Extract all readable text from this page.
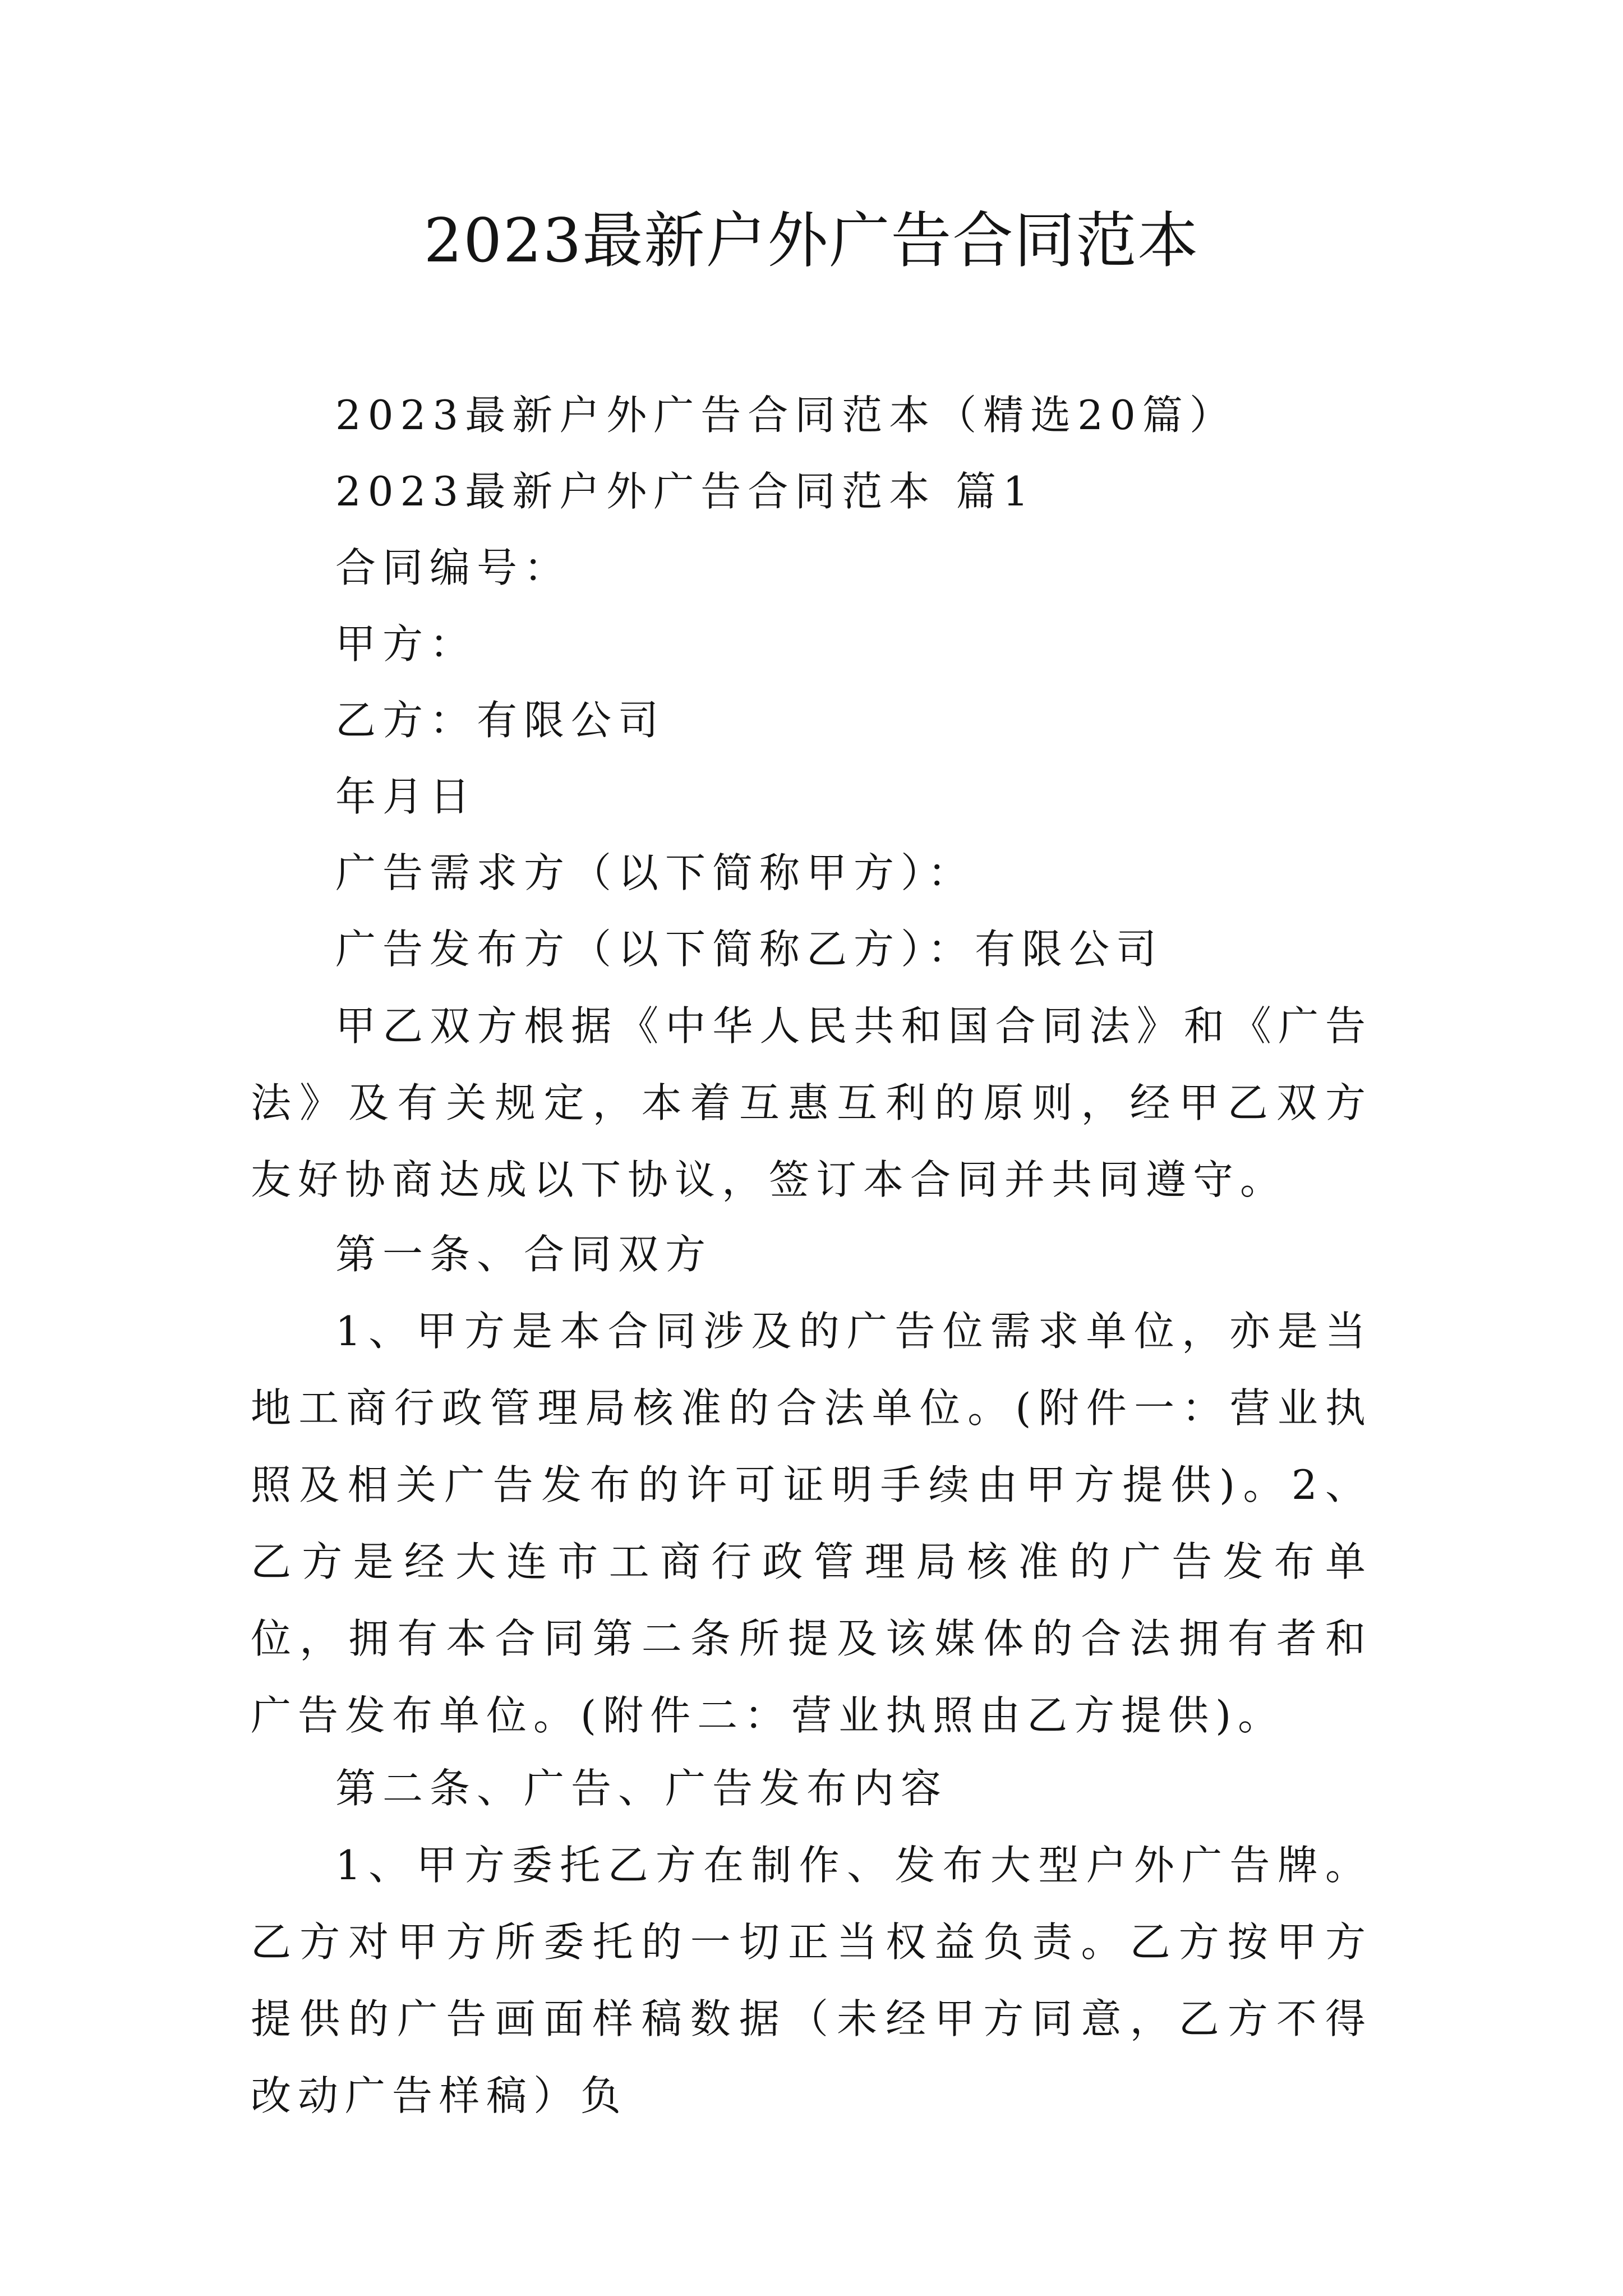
2023最新户外广告合同范本

2023最新户外广告合同范本（精选20篇）

2023最新户外广告合同范本 篇1

合同编号：

甲方：

乙方：有限公司

年月日

广告需求方（以下简称甲方）：

广告发布方（以下简称乙方）：有限公司

甲乙双方根据《中华人民共和国合同法》和《广告法》及有关规定，本着互惠互利的原则，经甲乙双方友好协商达成以下协议，签订本合同并共同遵守。

第一条、合同双方

1、甲方是本合同涉及的广告位需求单位，亦是当地工商行政管理局核准的合法单位。(附件一：营业执照及相关广告发布的许可证明手续由甲方提供)。2、乙方是经大连市工商行政管理局核准的广告发布单位，拥有本合同第二条所提及该媒体的合法拥有者和广告发布单位。(附件二：营业执照由乙方提供)。

第二条、广告、广告发布内容

1、甲方委托乙方在制作、发布大型户外广告牌。乙方对甲方所委托的一切正当权益负责。乙方按甲方提供的广告画面样稿数据（未经甲方同意，乙方不得改动广告样稿）负
